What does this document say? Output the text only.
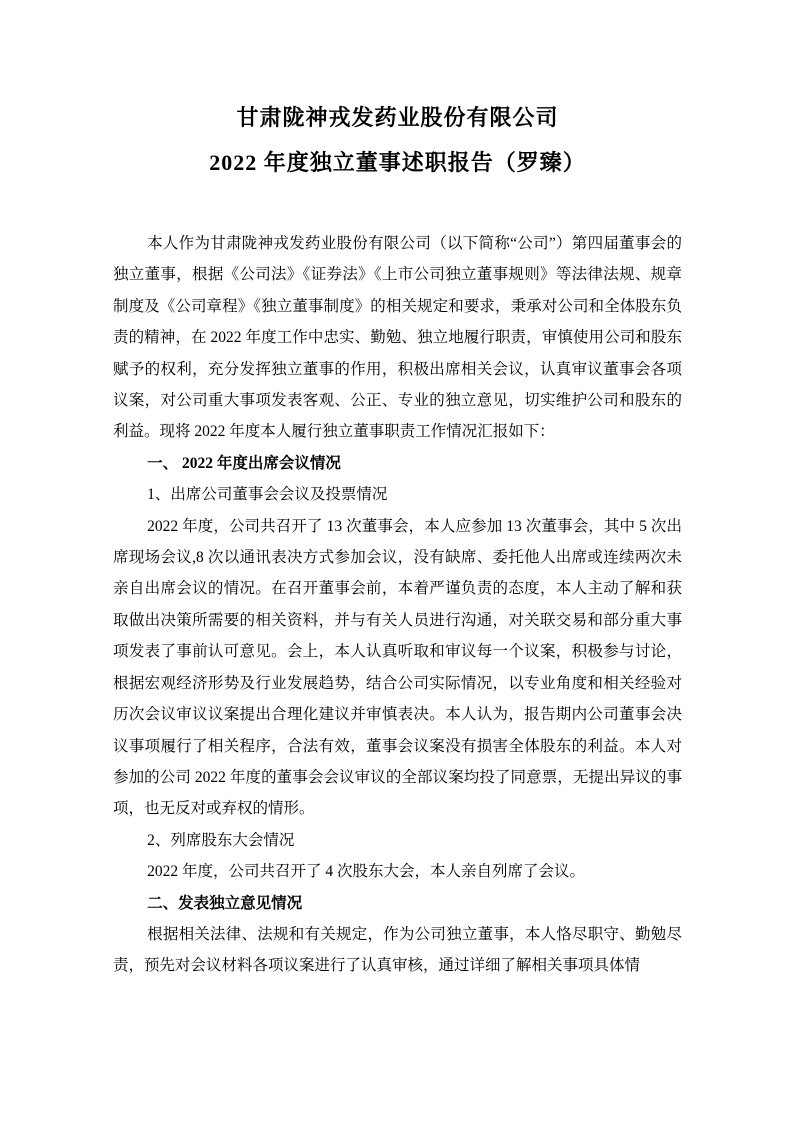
甘肃陇神戎发药业股份有限公司
2022 年度独立董事述职报告（罗臻）

本人作为甘肃陇神戎发药业股份有限公司（以下简称“公司”）第四届董事会的独立董事，根据《公司法》《证券法》《上市公司独立董事规则》等法律法规、规章制度及《公司章程》《独立董事制度》的相关规定和要求，秉承对公司和全体股东负责的精神，在 2022 年度工作中忠实、勤勉、独立地履行职责，审慎使用公司和股东赋予的权利，充分发挥独立董事的作用，积极出席相关会议，认真审议董事会各项议案，对公司重大事项发表客观、公正、专业的独立意见，切实维护公司和股东的利益。现将 2022 年度本人履行独立董事职责工作情况汇报如下：

一、 2022 年度出席会议情况

1、出席公司董事会会议及投票情况

2022 年度，公司共召开了 13 次董事会，本人应参加 13 次董事会，其中 5 次出席现场会议,8 次以通讯表决方式参加会议，没有缺席、委托他人出席或连续两次未亲自出席会议的情况。在召开董事会前，本着严谨负责的态度，本人主动了解和获取做出决策所需要的相关资料，并与有关人员进行沟通，对关联交易和部分重大事项发表了事前认可意见。会上，本人认真听取和审议每一个议案，积极参与讨论，根据宏观经济形势及行业发展趋势，结合公司实际情况，以专业角度和相关经验对历次会议审议议案提出合理化建议并审慎表决。本人认为，报告期内公司董事会决议事项履行了相关程序，合法有效，董事会议案没有损害全体股东的利益。本人对参加的公司 2022 年度的董事会会议审议的全部议案均投了同意票，无提出异议的事项，也无反对或弃权的情形。

2、列席股东大会情况

2022 年度，公司共召开了 4 次股东大会，本人亲自列席了会议。

二、发表独立意见情况

根据相关法律、法规和有关规定，作为公司独立董事，本人恪尽职守、勤勉尽责，预先对会议材料各项议案进行了认真审核，通过详细了解相关事项具体情
